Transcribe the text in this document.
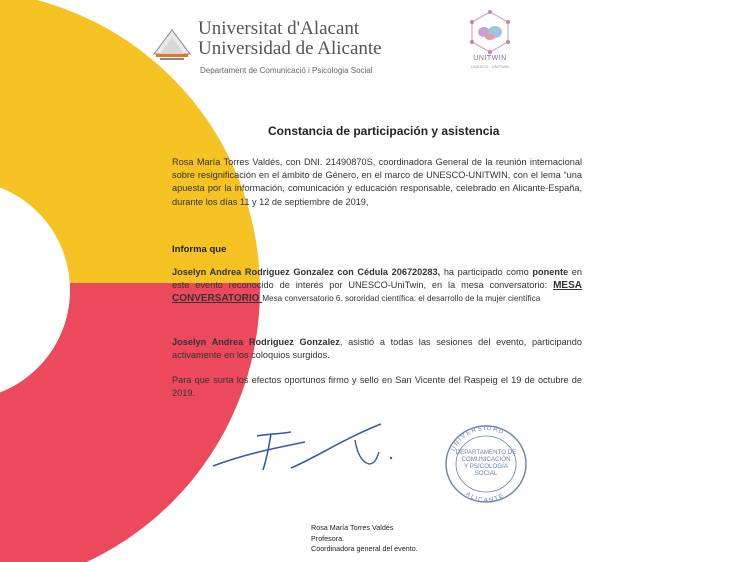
Universitat d'Alacant
Universidad de Alicante
Departament de Comunicació i Psicologia Social
UNITWIN
UNESCO · UNITWIN
Constancia de participación y asistencia
Rosa María Torres Valdés, con DNI. 21490870S, coordinadora General de la reunión internacional sobre resignificación en el ámbito de Género, en el marco de UNESCO-UNITWIN, con el lema “una apuesta por la información, comunicación y educación responsable, celebrado en Alicante-España, durante los días 11 y 12 de septiembre de 2019,
Informa que
Joselyn Andrea Rodriguez Gonzalez con Cédula 206720283, ha participado como ponente en este evento reconocido de interés por UNESCO-UniTwin, en la mesa conversatorio: MESA CONVERSATORIO Mesa conversatorio 6. sororidad científica: el desarrollo de la mujer científica
Joselyn Andrea Rodriguez Gonzalez, asistió a todas las sesiones del evento, participando activamente en los coloquios surgidos.
Para que surta los efectos oportunos firmo y sello en San Vicente del Raspeig el 19 de octubre de 2019.
UNIVERSIDAD
ALICANTE
DEPARTAMENTO DE
COMUNICACIÓN
Y PSICOLOGÍA
SOCIAL
Rosa María Torres Valdés
Profesora.
Coordinadora general del evento.
